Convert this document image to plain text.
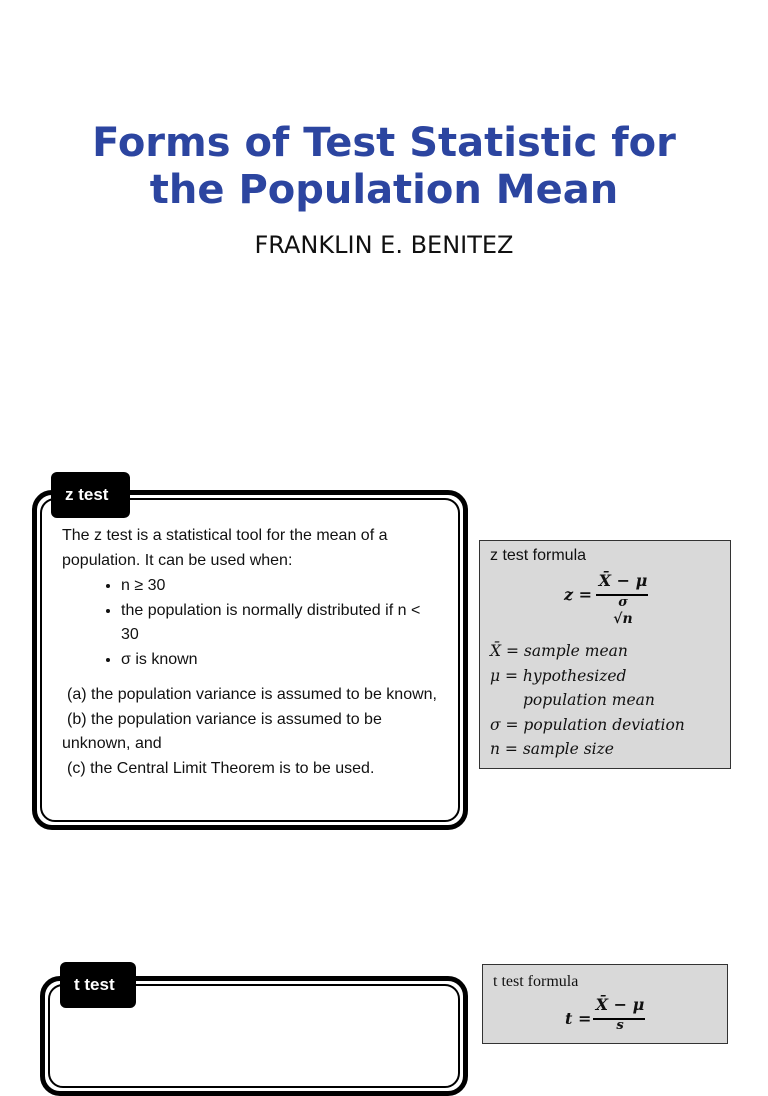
Forms of Test Statistic for
the Population Mean
FRANKLIN E. BENITEZ
z test

The z test is a statistical tool for the mean of a population. It can be used when:

• n ≥ 30
• the population is normally distributed if n < 30
• σ is known

(a) the population variance is assumed to be known,

(b) the population variance is assumed to be unknown, and

(c) the Central Limit Theorem is to be used.

z test formula
z =
X̄ − μ
σ
√n
X̄ = sample mean
μ = hypothesized
population mean
σ = population deviation
n = sample size
t test	t test formula
t =
X̄ − μ
s
